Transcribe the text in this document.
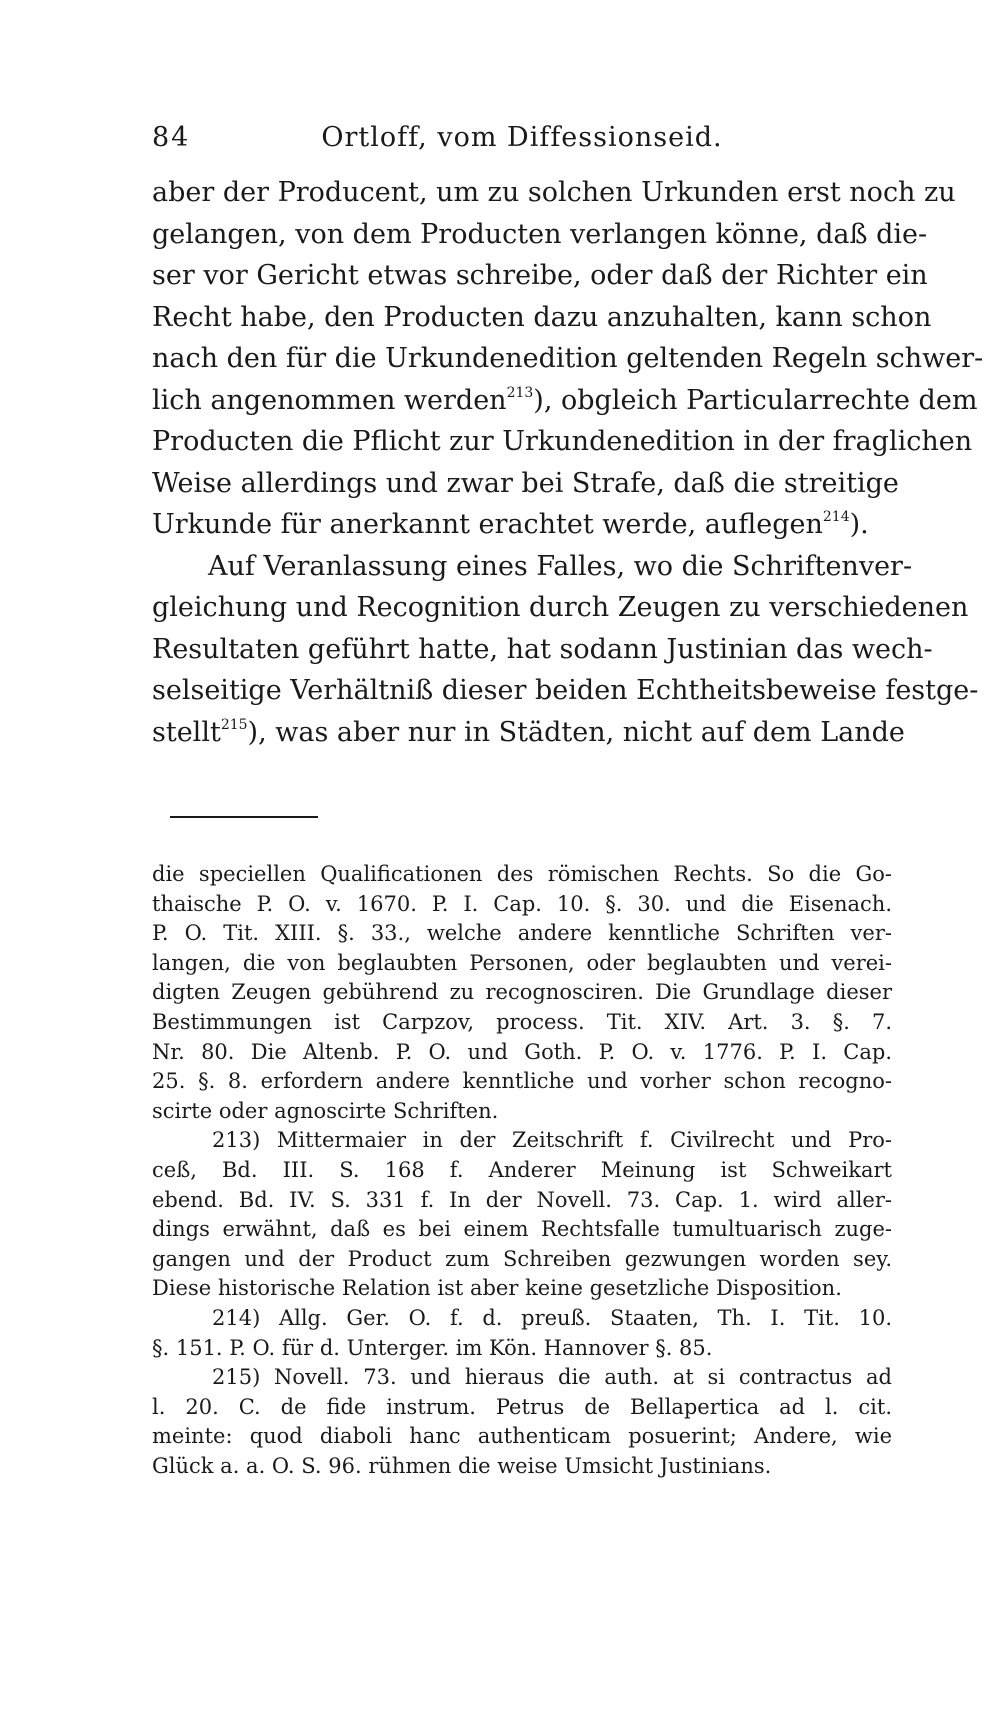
84	Ortloff, vom Diffessionseid.
aber der Producent, um zu solchen Urkunden erst noch zu
gelangen, von dem Producten verlangen könne, daß die-
ser vor Gericht etwas schreibe, oder daß der Richter ein
Recht habe, den Producten dazu anzuhalten, kann schon
nach den für die Urkundenedition geltenden Regeln schwer-
lich angenommen werden$^{213}$), obgleich Particularrechte dem
Producten die Pflicht zur Urkundenedition in der fraglichen
Weise allerdings und zwar bei Strafe, daß die streitige
Urkunde für anerkannt erachtet werde, auflegen$^{214}$).
Auf Veranlassung eines Falles, wo die Schriftenver-
gleichung und Recognition durch Zeugen zu verschiedenen
Resultaten geführt hatte, hat sodann Justinian das wech-
selseitige Verhältniß dieser beiden Echtheitsbeweise festge-
stellt$^{215}$), was aber nur in Städten, nicht auf dem Lande
die speciellen Qualificationen des römischen Rechts. So die Go-
thaische P. O. v. 1670. P. I. Cap. 10. §. 30. und die Eisenach.
P. O. Tit. XIII. §. 33., welche andere kenntliche Schriften ver-
langen, die von beglaubten Personen, oder beglaubten und verei-
digten Zeugen gebührend zu recognosciren. Die Grundlage dieser
Bestimmungen ist Carpzov, process. Tit. XIV. Art. 3. §. 7.
Nr. 80. Die Altenb. P. O. und Goth. P. O. v. 1776. P. I. Cap.
25. §. 8. erfordern andere kenntliche und vorher schon recogno-
scirte oder agnoscirte Schriften.
213) Mittermaier in der Zeitschrift f. Civilrecht und Pro-
ceß, Bd. III. S. 168 f. Anderer Meinung ist Schweikart
ebend. Bd. IV. S. 331 f. In der Novell. 73. Cap. 1. wird aller-
dings erwähnt, daß es bei einem Rechtsfalle tumultuarisch zuge-
gangen und der Product zum Schreiben gezwungen worden sey.
Diese historische Relation ist aber keine gesetzliche Disposition.
214) Allg. Ger. O. f. d. preuß. Staaten, Th. I. Tit. 10.
§. 151. P. O. für d. Unterger. im Kön. Hannover §. 85.
215) Novell. 73. und hieraus die auth. at si contractus ad
l. 20. C. de fide instrum. Petrus de Bellapertica ad l. cit.
meinte: quod diaboli hanc authenticam posuerint; Andere, wie
Glück a. a. O. S. 96. rühmen die weise Umsicht Justinians.
